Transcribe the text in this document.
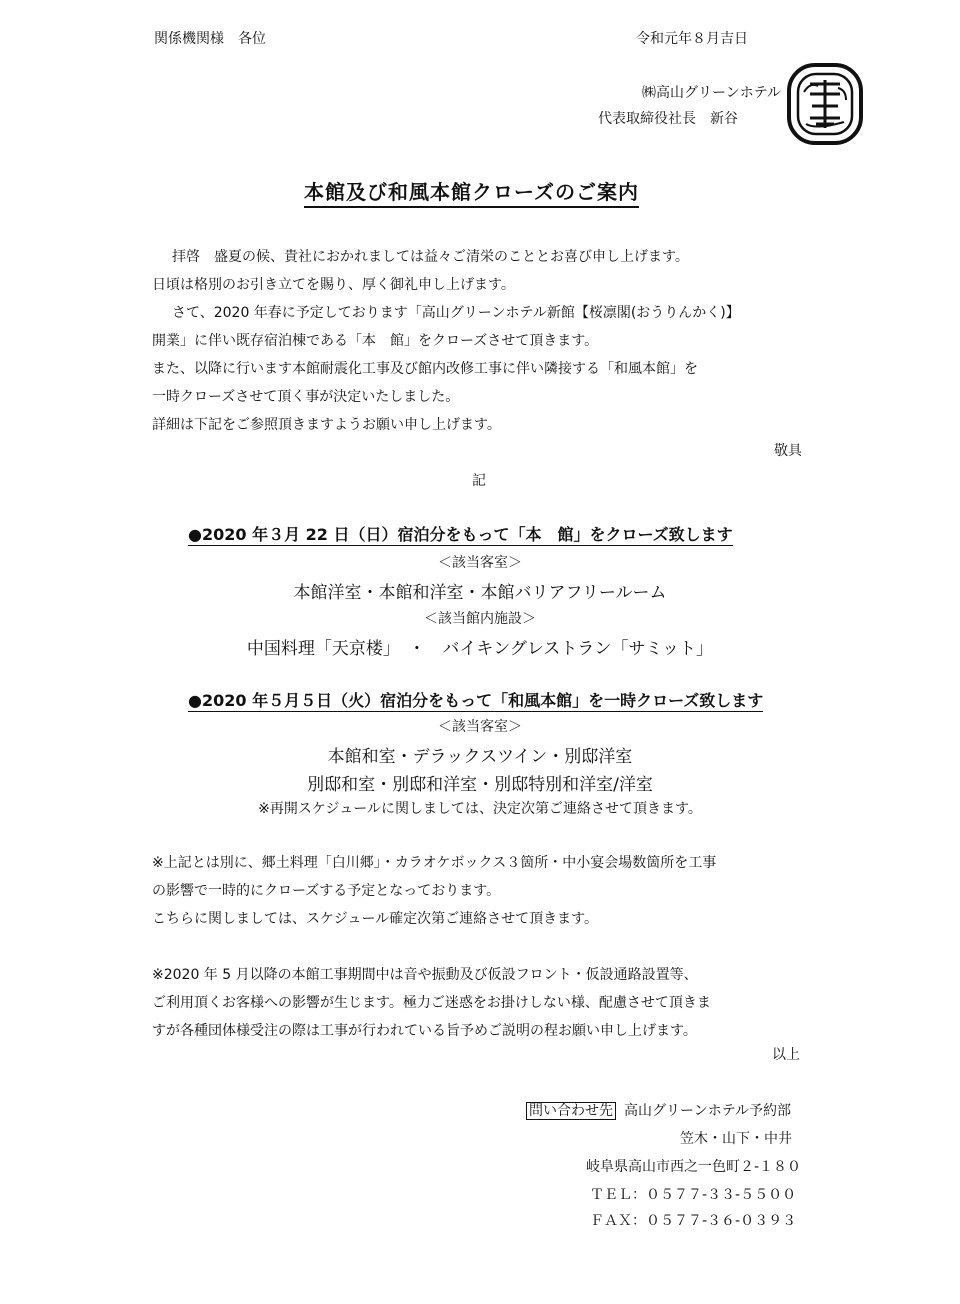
関係機関様　各位	令和元年８月吉日
㈱高山グリーンホテル
代表取締役社長　新谷　
本館及び和風本館クローズのご案内
拝啓　盛夏の候、貴社におかれましては益々ご清栄のこととお喜び申し上げます。
日頃は格別のお引き立てを賜り、厚く御礼申し上げます。
さて、2020 年春に予定しております「高山グリーンホテル新館【桜凛閣(おうりんかく)】
開業」に伴い既存宿泊棟である「本　館」をクローズさせて頂きます。
また、以降に行います本館耐震化工事及び館内改修工事に伴い隣接する「和風本館」を
一時クローズさせて頂く事が決定いたしました。
詳細は下記をご参照頂きますようお願い申し上げます。
敬具
記
●2020 年３月 22 日（日）宿泊分をもって「本　館」をクローズ致します
＜該当客室＞
本館洋室・本館和洋室・本館バリアフリールーム
＜該当館内施設＞
中国料理「天京楼」　・　バイキングレストラン「サミット」
●2020 年５月５日（火）宿泊分をもって「和風本館」を一時クローズ致します
＜該当客室＞
本館和室・デラックスツイン・別邸洋室
別邸和室・別邸和洋室・別邸特別和洋室/洋室
※再開スケジュールに関しましては、決定次第ご連絡させて頂きます。
※上記とは別に、郷土料理「白川郷」・カラオケボックス３箇所・中小宴会場数箇所を工事
の影響で一時的にクローズする予定となっております。
こちらに関しましては、スケジュール確定次第ご連絡させて頂きます。
※2020 年 5 月以降の本館工事期間中は音や振動及び仮設フロント・仮設通路設置等、
ご利用頂くお客様への影響が生じます。極力ご迷惑をお掛けしない様、配慮させて頂きま
すが各種団体様受注の際は工事が行われている旨予めご説明の程お願い申し上げます。
以上
問い合わせ先 高山グリーンホテル予約部
笠木・山下・中井
岐阜県高山市西之一色町２-１８０
ＴＥＬ：０５７７-３３-５５００
ＦＡＸ：０５７７-３６-０３９３
